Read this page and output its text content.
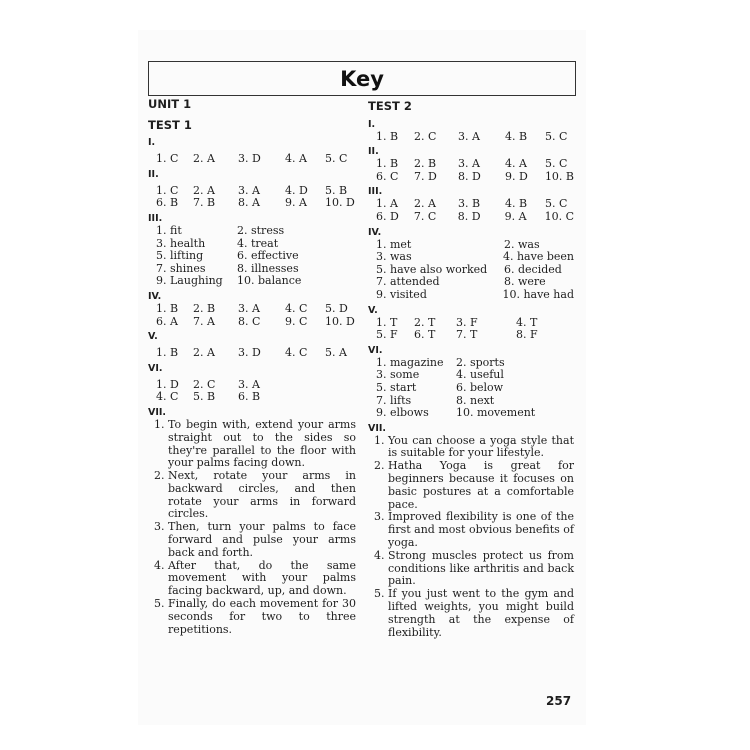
Key
UNIT 1
TEST 1
I.
1. C	2. A	3. D	4. A	5. C
II.
1. C	2. A	3. A	4. D	5. B
6. B	7. B	8. A	9. A	10. D
III.
1. fit	2. stress
3. health	4. treat
5. lifting	6. effective
7. shines	8. illnesses
9. Laughing	10. balance
IV.
1. B	2. B	3. A	4. C	5. D
6. A	7. A	8. C	9. C	10. D
V.
1. B	2. A	3. D	4. C	5. A
VI.
1. D	2. C	3. A
4. C	5. B	6. B
VII.
1. To begin with, extend your arms straight out to the sides so they're parallel to the floor with your palms facing down.
2. Next, rotate your arms in backward circles, and then rotate your arms in forward circles.
3. Then, turn your palms to face forward and pulse your arms back and forth.
4. After that, do the same movement with your palms facing backward, up, and down.
5. Finally, do each movement for 30 seconds for two to three repetitions.
TEST 2
I.
1. B	2. C	3. A	4. B	5. C
II.
1. B	2. B	3. A	4. A	5. C
6. C	7. D	8. D	9. D	10. B
III.
1. A	2. A	3. B	4. B	5. C
6. D	7. C	8. D	9. A	10. C
IV.
1. met	2. was
3. was	4. have been
5. have also worked	6. decided
7. attended	8. were
9. visited	10. have had
V.
1. T	2. T	3. F	4. T
5. F	6. T	7. T	8. F
VI.
1. magazine	2. sports
3. some	4. useful
5. start	6. below
7. lifts	8. next
9. elbows	10. movement
VII.
1. You can choose a yoga style that is suitable for your lifestyle.
2. Hatha Yoga is great for beginners because it focuses on basic postures at a comfortable pace.
3. Improved flexibility is one of the first and most obvious benefits of yoga.
4. Strong muscles protect us from conditions like arthritis and back pain.
5. If you just went to the gym and lifted weights, you might build strength at the expense of flexibility.
257
